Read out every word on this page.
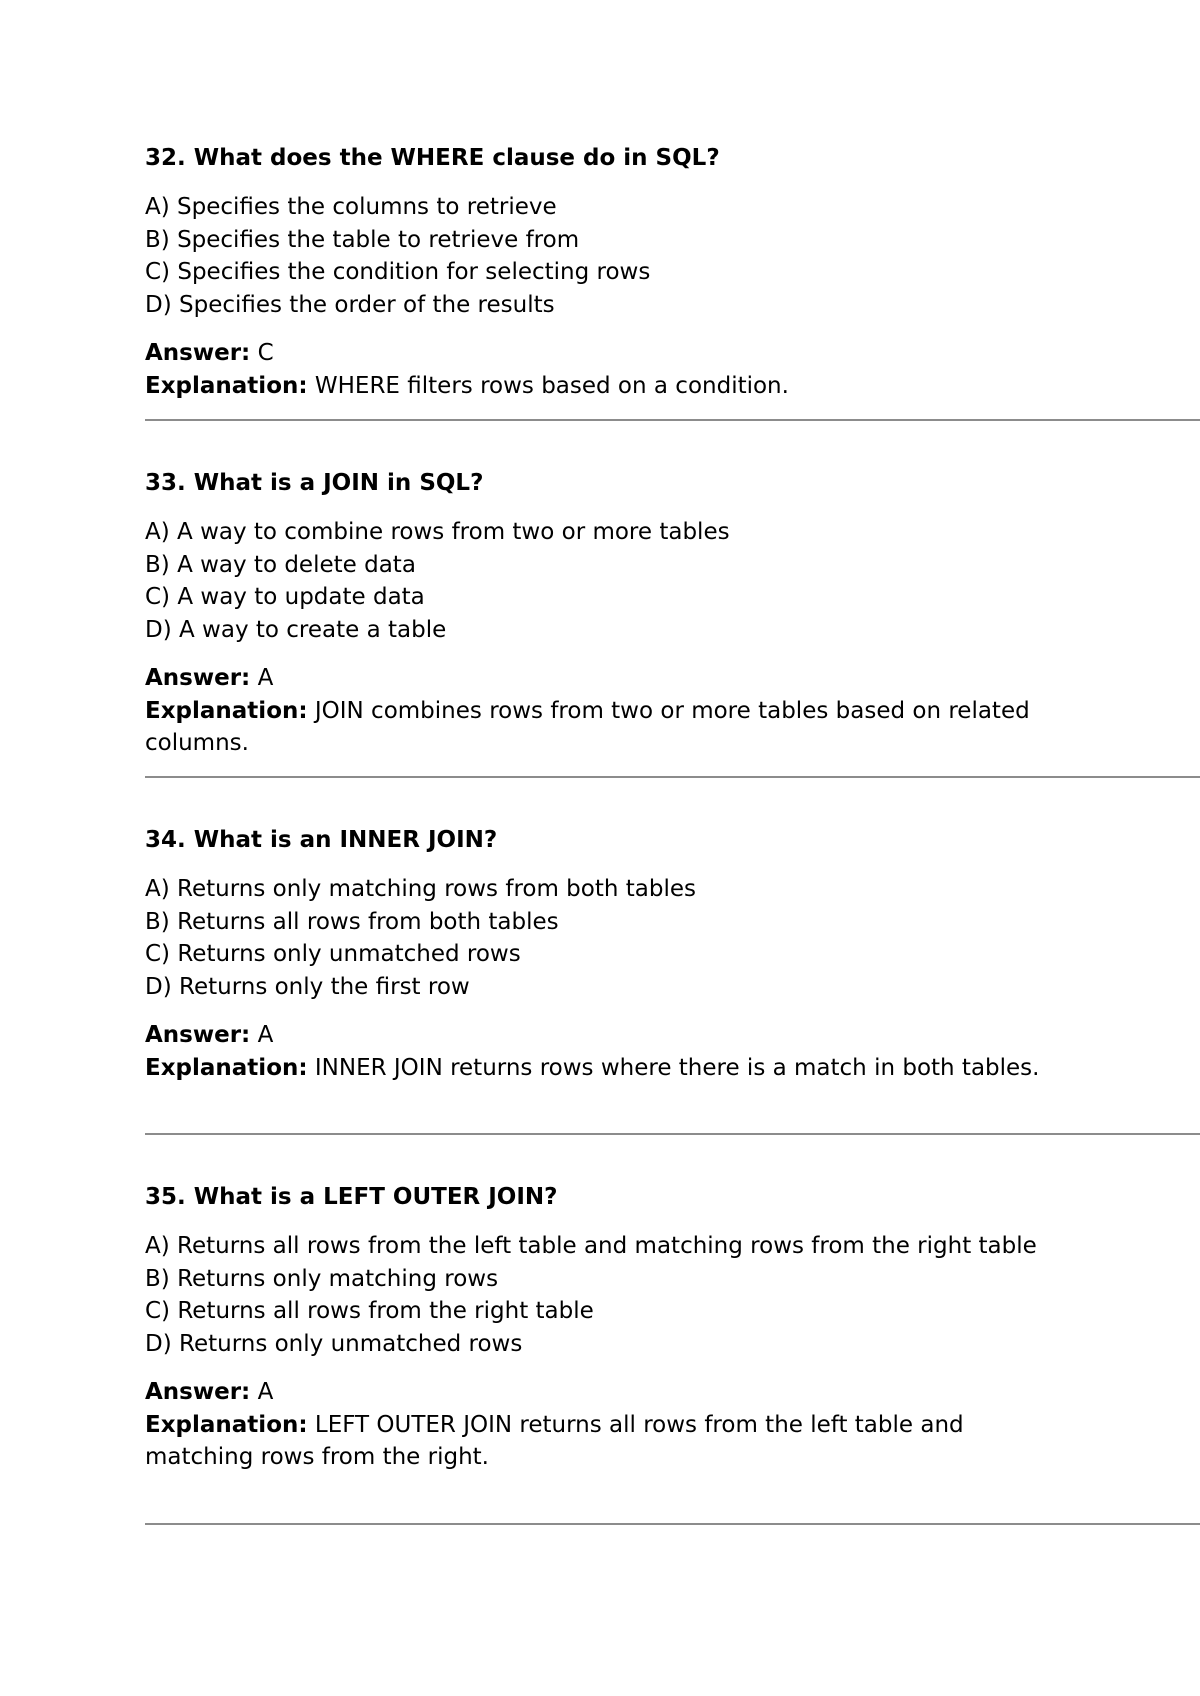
32. What does the WHERE clause do in SQL?
A) Specifies the columns to retrieve
B) Specifies the table to retrieve from
C) Specifies the condition for selecting rows
D) Specifies the order of the results
Answer: C
Explanation: WHERE filters rows based on a condition.
33. What is a JOIN in SQL?
A) A way to combine rows from two or more tables
B) A way to delete data
C) A way to update data
D) A way to create a table
Answer: A
Explanation: JOIN combines rows from two or more tables based on related columns.
34. What is an INNER JOIN?
A) Returns only matching rows from both tables
B) Returns all rows from both tables
C) Returns only unmatched rows
D) Returns only the first row
Answer: A
Explanation: INNER JOIN returns rows where there is a match in both tables.
35. What is a LEFT OUTER JOIN?
A) Returns all rows from the left table and matching rows from the right table
B) Returns only matching rows
C) Returns all rows from the right table
D) Returns only unmatched rows
Answer: A
Explanation: LEFT OUTER JOIN returns all rows from the left table and matching rows from the right.
